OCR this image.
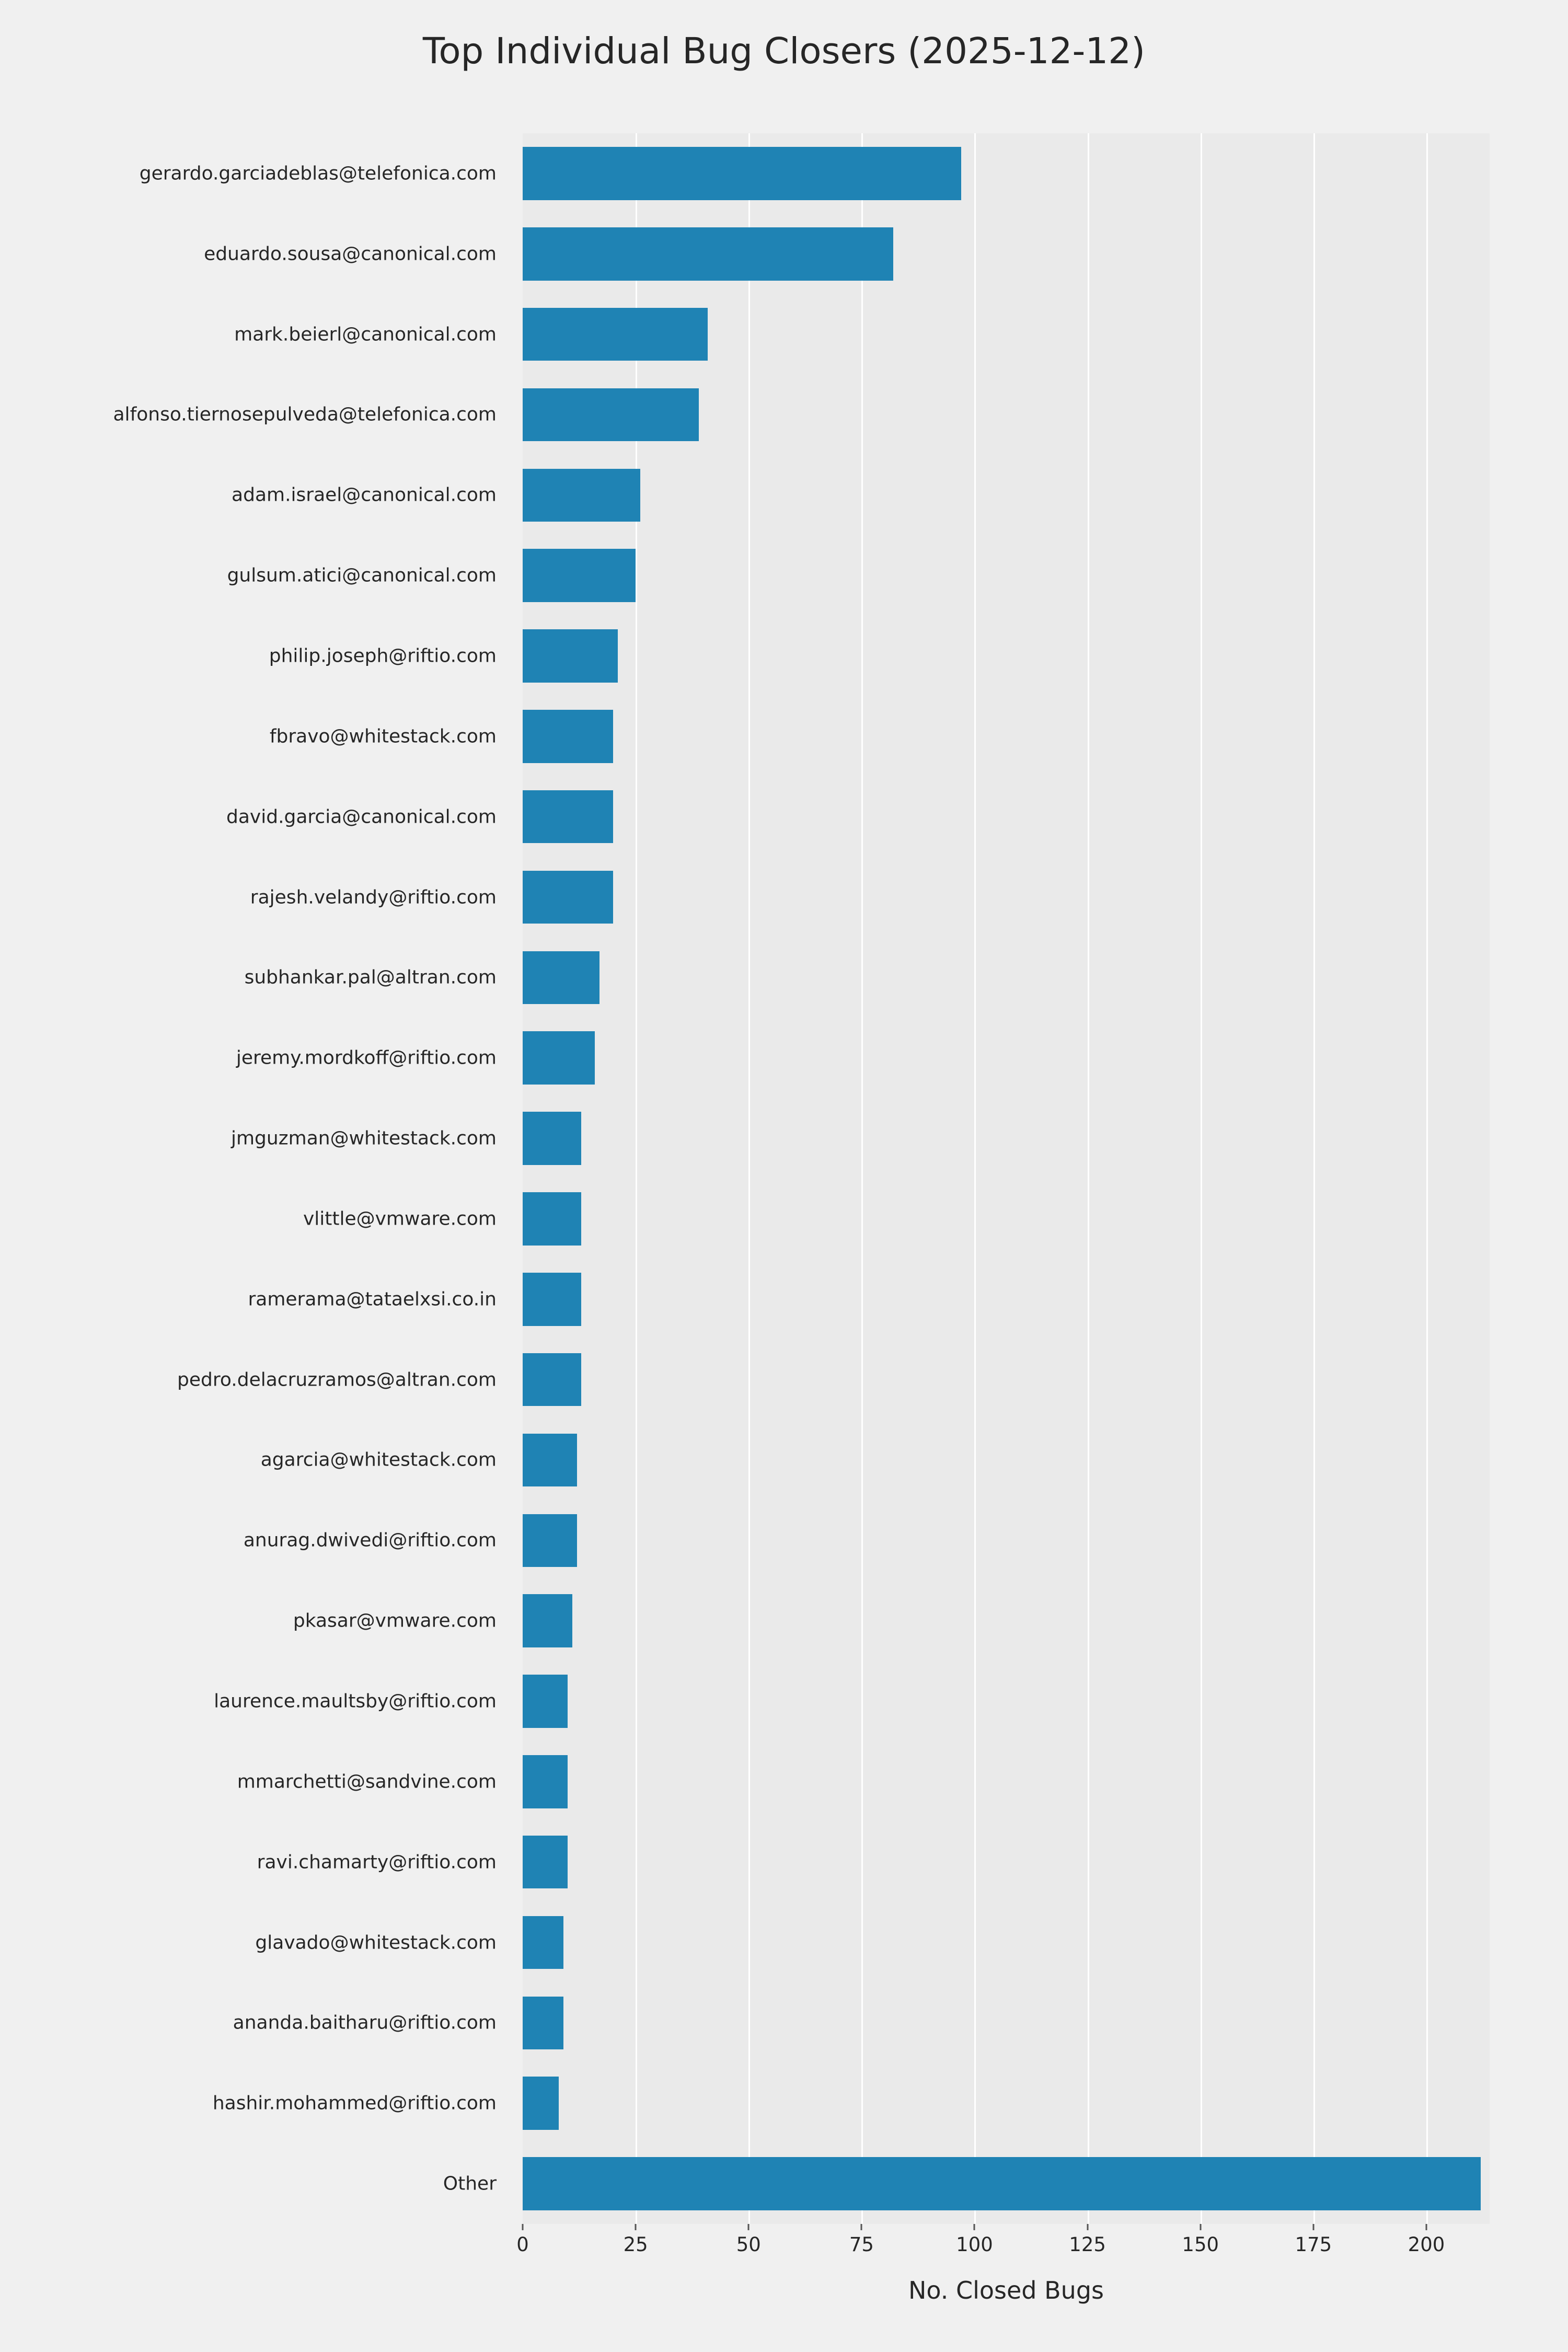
Top Individual Bug Closers (2025-12-12)
gerardo.garciadeblas@telefonica.com
eduardo.sousa@canonical.com
mark.beierl@canonical.com
alfonso.tiernosepulveda@telefonica.com
adam.israel@canonical.com
gulsum.atici@canonical.com
philip.joseph@riftio.com
fbravo@whitestack.com
david.garcia@canonical.com
rajesh.velandy@riftio.com
subhankar.pal@altran.com
jeremy.mordkoff@riftio.com
jmguzman@whitestack.com
vlittle@vmware.com
ramerama@tataelxsi.co.in
pedro.delacruzramos@altran.com
agarcia@whitestack.com
anurag.dwivedi@riftio.com
pkasar@vmware.com
laurence.maultsby@riftio.com
mmarchetti@sandvine.com
ravi.chamarty@riftio.com
glavado@whitestack.com
ananda.baitharu@riftio.com
hashir.mohammed@riftio.com
Other
0	25	50	75	100	125	150	175	200
No. Closed Bugs
